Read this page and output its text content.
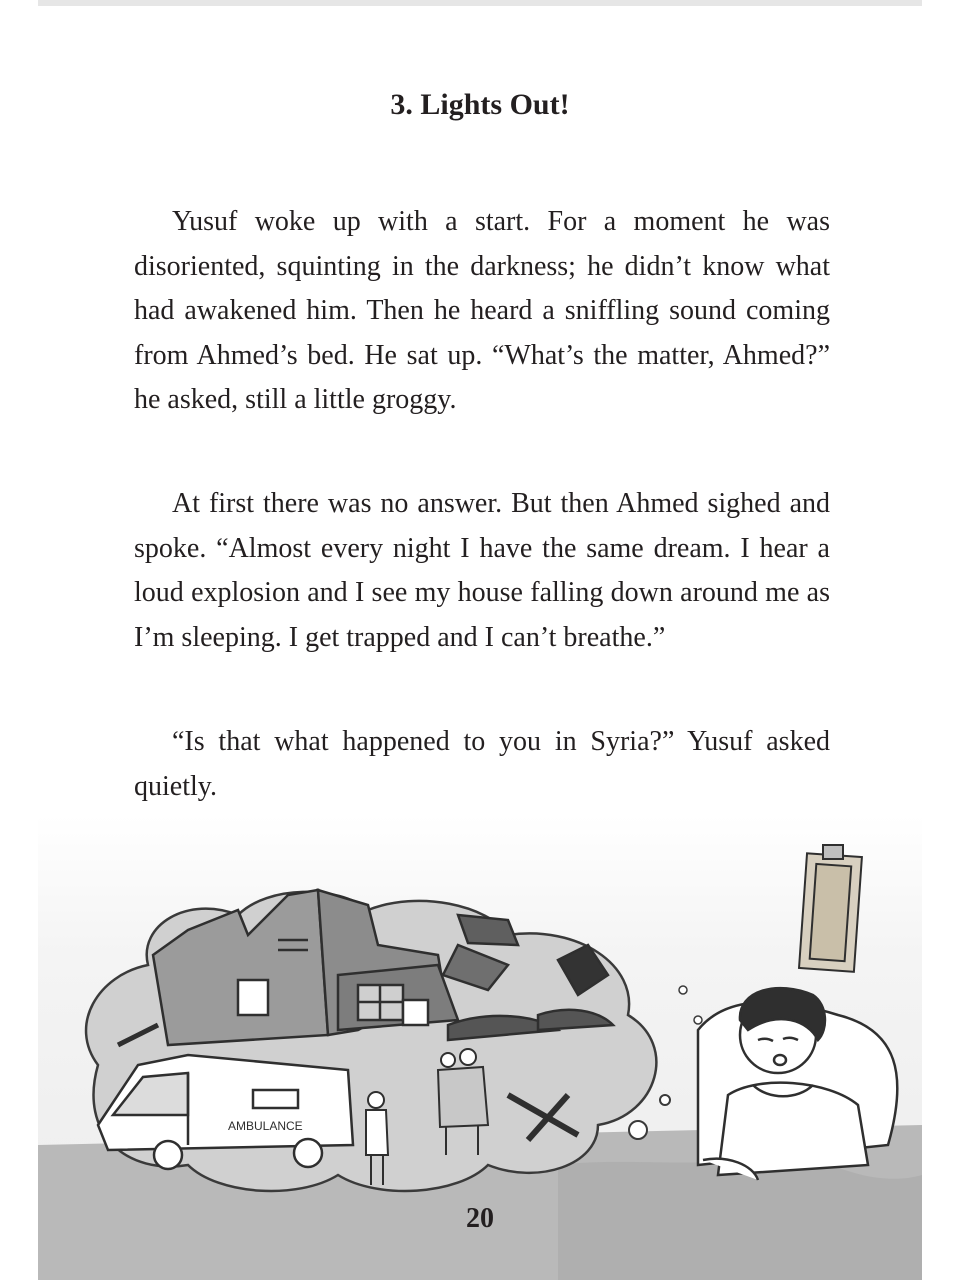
3. Lights Out!

Yusuf woke up with a start. For a moment he was disoriented, squinting in the darkness; he didn’t know what had awakened him. Then he heard a sniffling sound coming from Ahmed’s bed. He sat up. “What’s the matter, Ahmed?” he asked, still a little groggy.

At first there was no answer. But then Ahmed sighed and spoke. “Almost every night I have the same dream. I hear a loud explosion and I see my house falling down around me as I’m sleeping. I get trapped and I can’t breathe.”

“Is that what happened to you in Syria?” Yusuf asked quietly.

AMBULANCE
20
